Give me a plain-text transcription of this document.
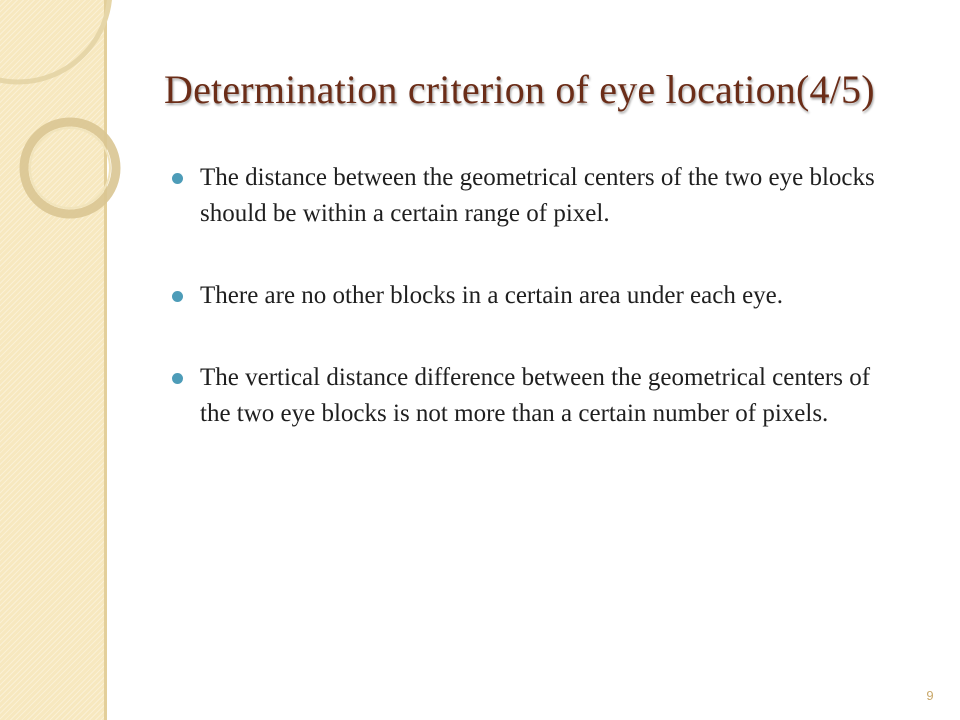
Determination criterion of eye location(4/5)
The distance between the geometrical centers of the two eye blocks should be within a certain range of pixel.
There are no other blocks in a certain area under each eye.
The vertical distance difference between the geometrical centers of the two eye blocks is not more than a certain number of pixels.
9
